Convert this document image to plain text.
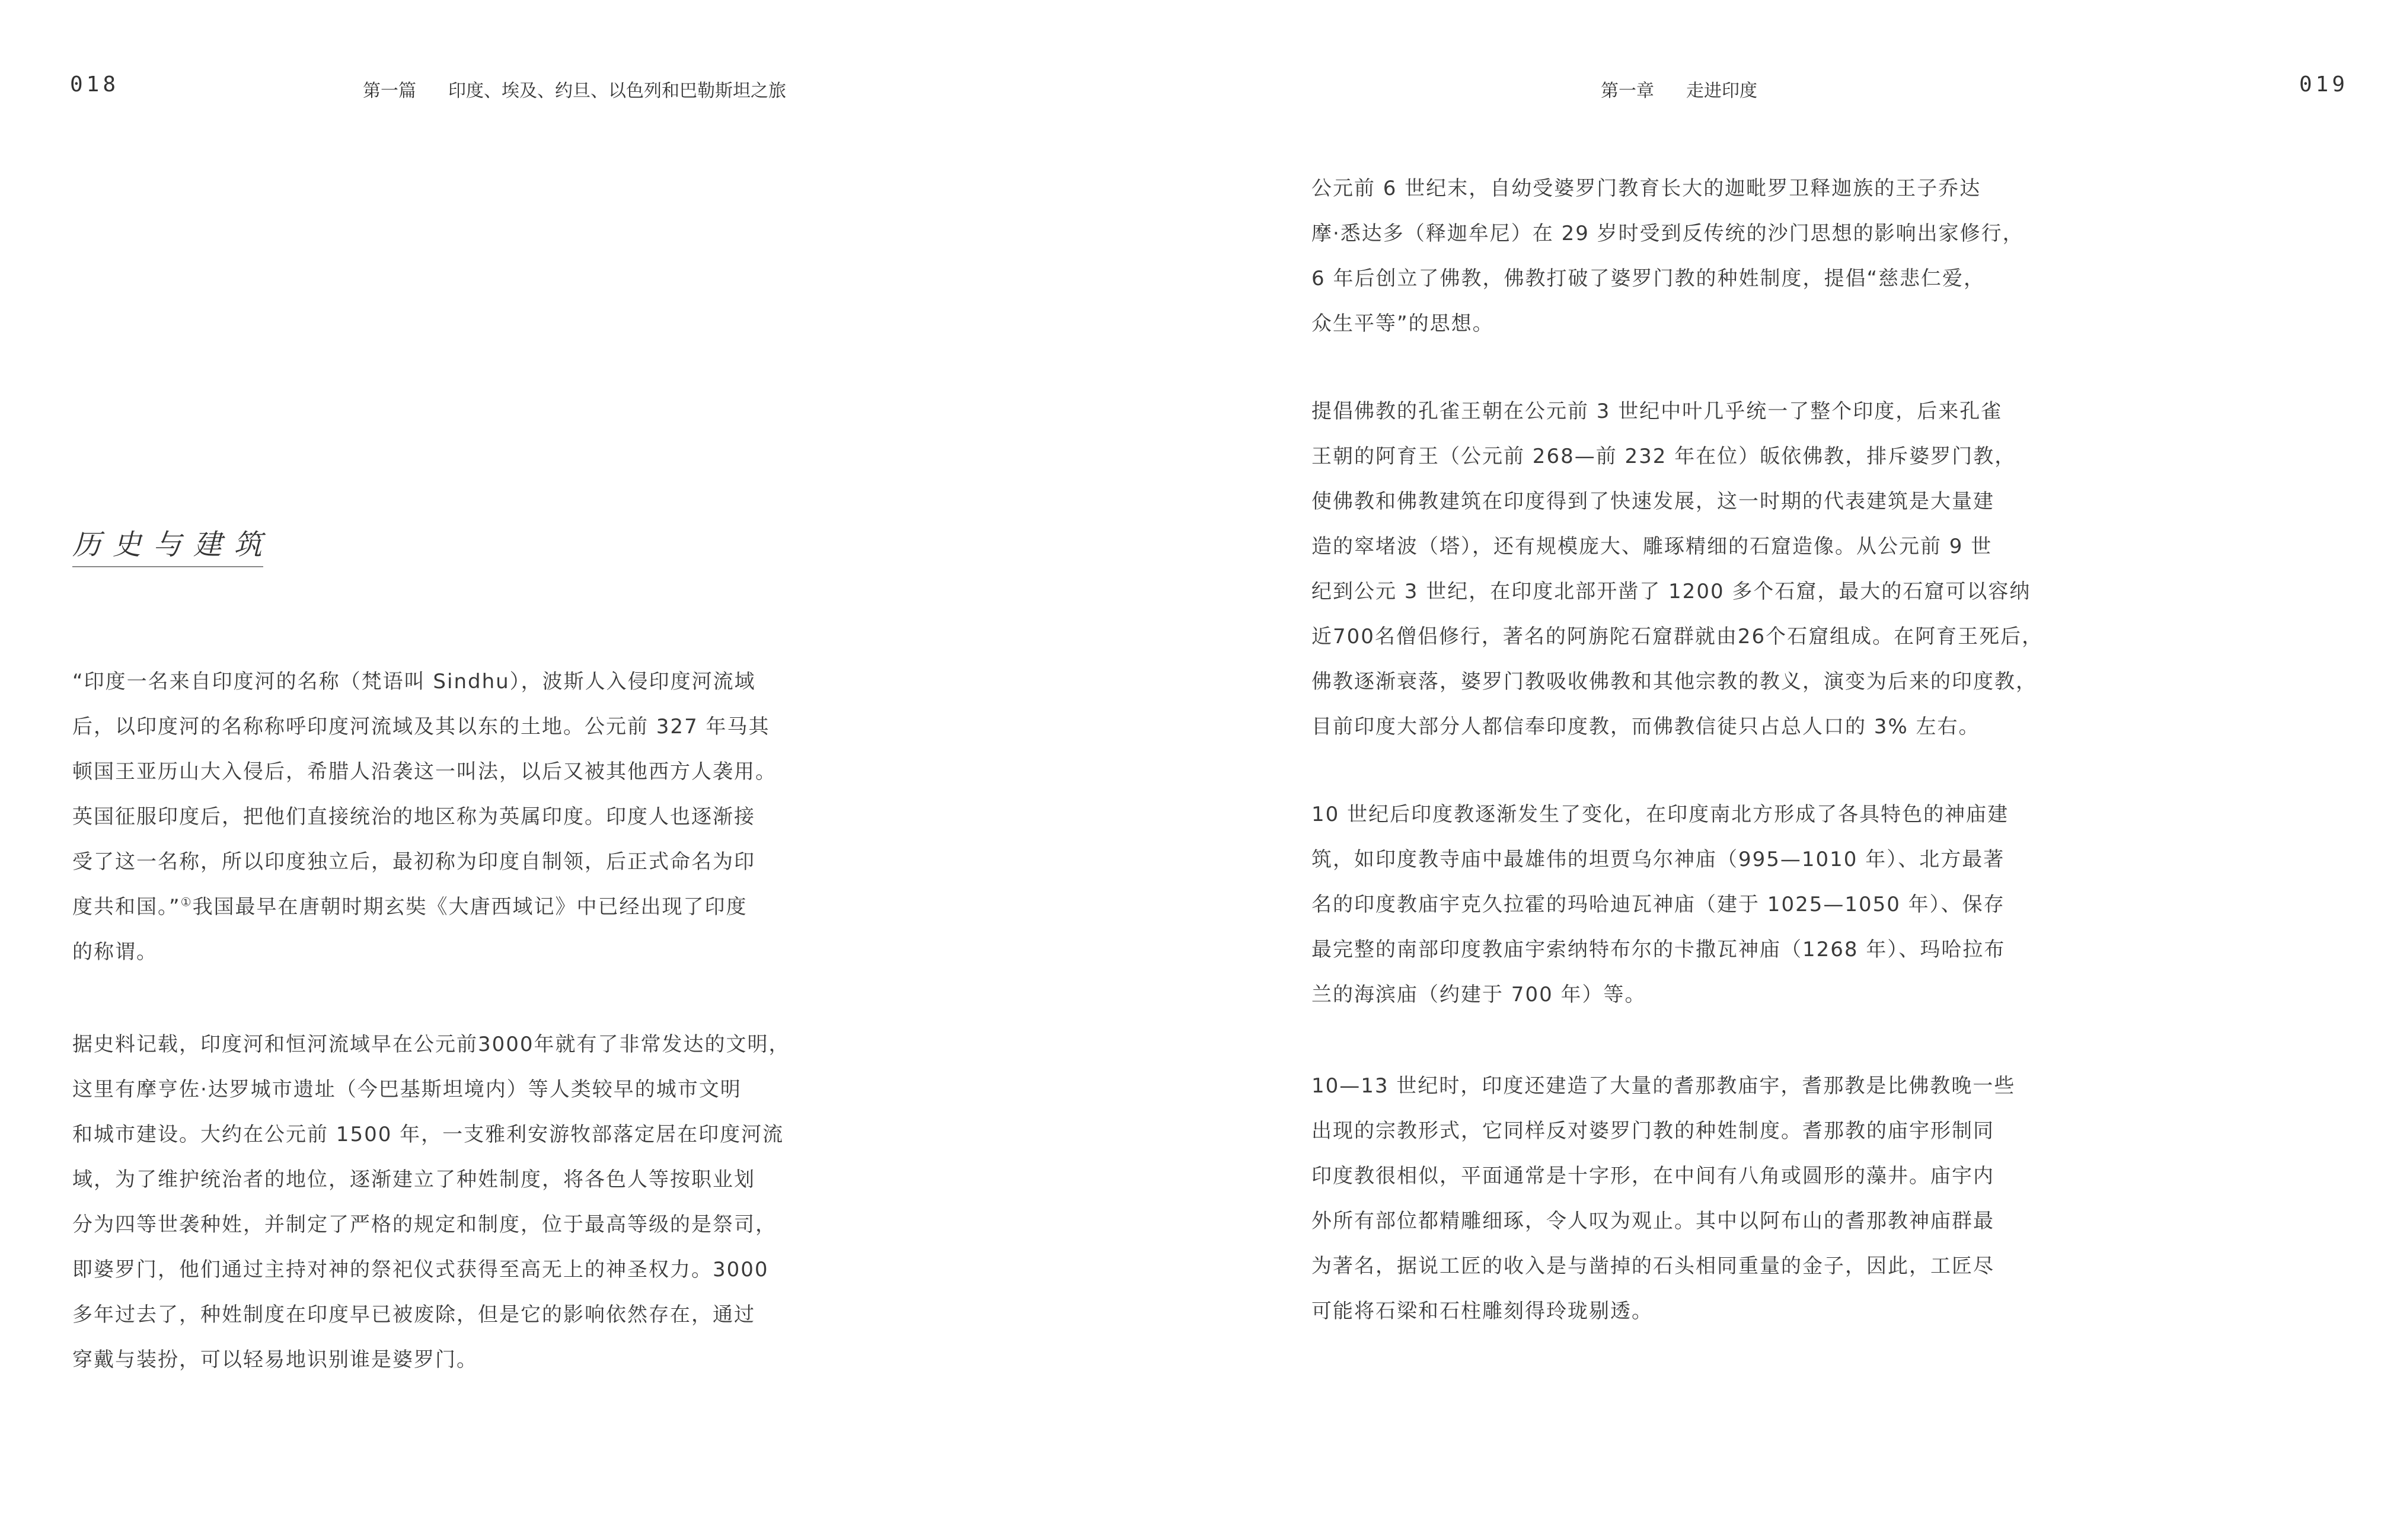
018	第一篇 印度、埃及、约旦、以色列和巴勒斯坦之旅
历史与建筑
“印度一名来自印度河的名称（梵语叫 Sindhu），波斯人入侵印度河流域
后，以印度河的名称称呼印度河流域及其以东的土地。公元前 327 年马其
顿国王亚历山大入侵后，希腊人沿袭这一叫法，以后又被其他西方人袭用。
英国征服印度后，把他们直接统治的地区称为英属印度。印度人也逐渐接
受了这一名称，所以印度独立后，最初称为印度自制领，后正式命名为印
度共和国。”①我国最早在唐朝时期玄奘《大唐西域记》中已经出现了印度
的称谓。
据史料记载，印度河和恒河流域早在公元前3000年就有了非常发达的文明，
这里有摩亨佐·达罗城市遗址（今巴基斯坦境内）等人类较早的城市文明
和城市建设。大约在公元前 1500 年，一支雅利安游牧部落定居在印度河流
域，为了维护统治者的地位，逐渐建立了种姓制度，将各色人等按职业划
分为四等世袭种姓，并制定了严格的规定和制度，位于最高等级的是祭司，
即婆罗门，他们通过主持对神的祭祀仪式获得至高无上的神圣权力。3000
多年过去了，种姓制度在印度早已被废除，但是它的影响依然存在，通过
穿戴与装扮，可以轻易地识别谁是婆罗门。
第一章 走进印度	019
公元前 6 世纪末，自幼受婆罗门教育长大的迦毗罗卫释迦族的王子乔达
摩·悉达多（释迦牟尼）在 29 岁时受到反传统的沙门思想的影响出家修行，
6 年后创立了佛教，佛教打破了婆罗门教的种姓制度，提倡“慈悲仁爱，
众生平等”的思想。
提倡佛教的孔雀王朝在公元前 3 世纪中叶几乎统一了整个印度，后来孔雀
王朝的阿育王（公元前 268—前 232 年在位）皈依佛教，排斥婆罗门教，
使佛教和佛教建筑在印度得到了快速发展，这一时期的代表建筑是大量建
造的窣堵波（塔），还有规模庞大、雕琢精细的石窟造像。从公元前 9 世
纪到公元 3 世纪，在印度北部开凿了 1200 多个石窟，最大的石窟可以容纳
近700名僧侣修行，著名的阿旃陀石窟群就由26个石窟组成。在阿育王死后，
佛教逐渐衰落，婆罗门教吸收佛教和其他宗教的教义，演变为后来的印度教，
目前印度大部分人都信奉印度教，而佛教信徒只占总人口的 3% 左右。
10 世纪后印度教逐渐发生了变化，在印度南北方形成了各具特色的神庙建
筑，如印度教寺庙中最雄伟的坦贾乌尔神庙（995—1010 年）、北方最著
名的印度教庙宇克久拉霍的玛哈迪瓦神庙（建于 1025—1050 年）、保存
最完整的南部印度教庙宇索纳特布尔的卡撒瓦神庙（1268 年）、玛哈拉布
兰的海滨庙（约建于 700 年）等。
10—13 世纪时，印度还建造了大量的耆那教庙宇，耆那教是比佛教晚一些
出现的宗教形式，它同样反对婆罗门教的种姓制度。耆那教的庙宇形制同
印度教很相似，平面通常是十字形，在中间有八角或圆形的藻井。庙宇内
外所有部位都精雕细琢，令人叹为观止。其中以阿布山的耆那教神庙群最
为著名，据说工匠的收入是与凿掉的石头相同重量的金子，因此，工匠尽
可能将石梁和石柱雕刻得玲珑剔透。
